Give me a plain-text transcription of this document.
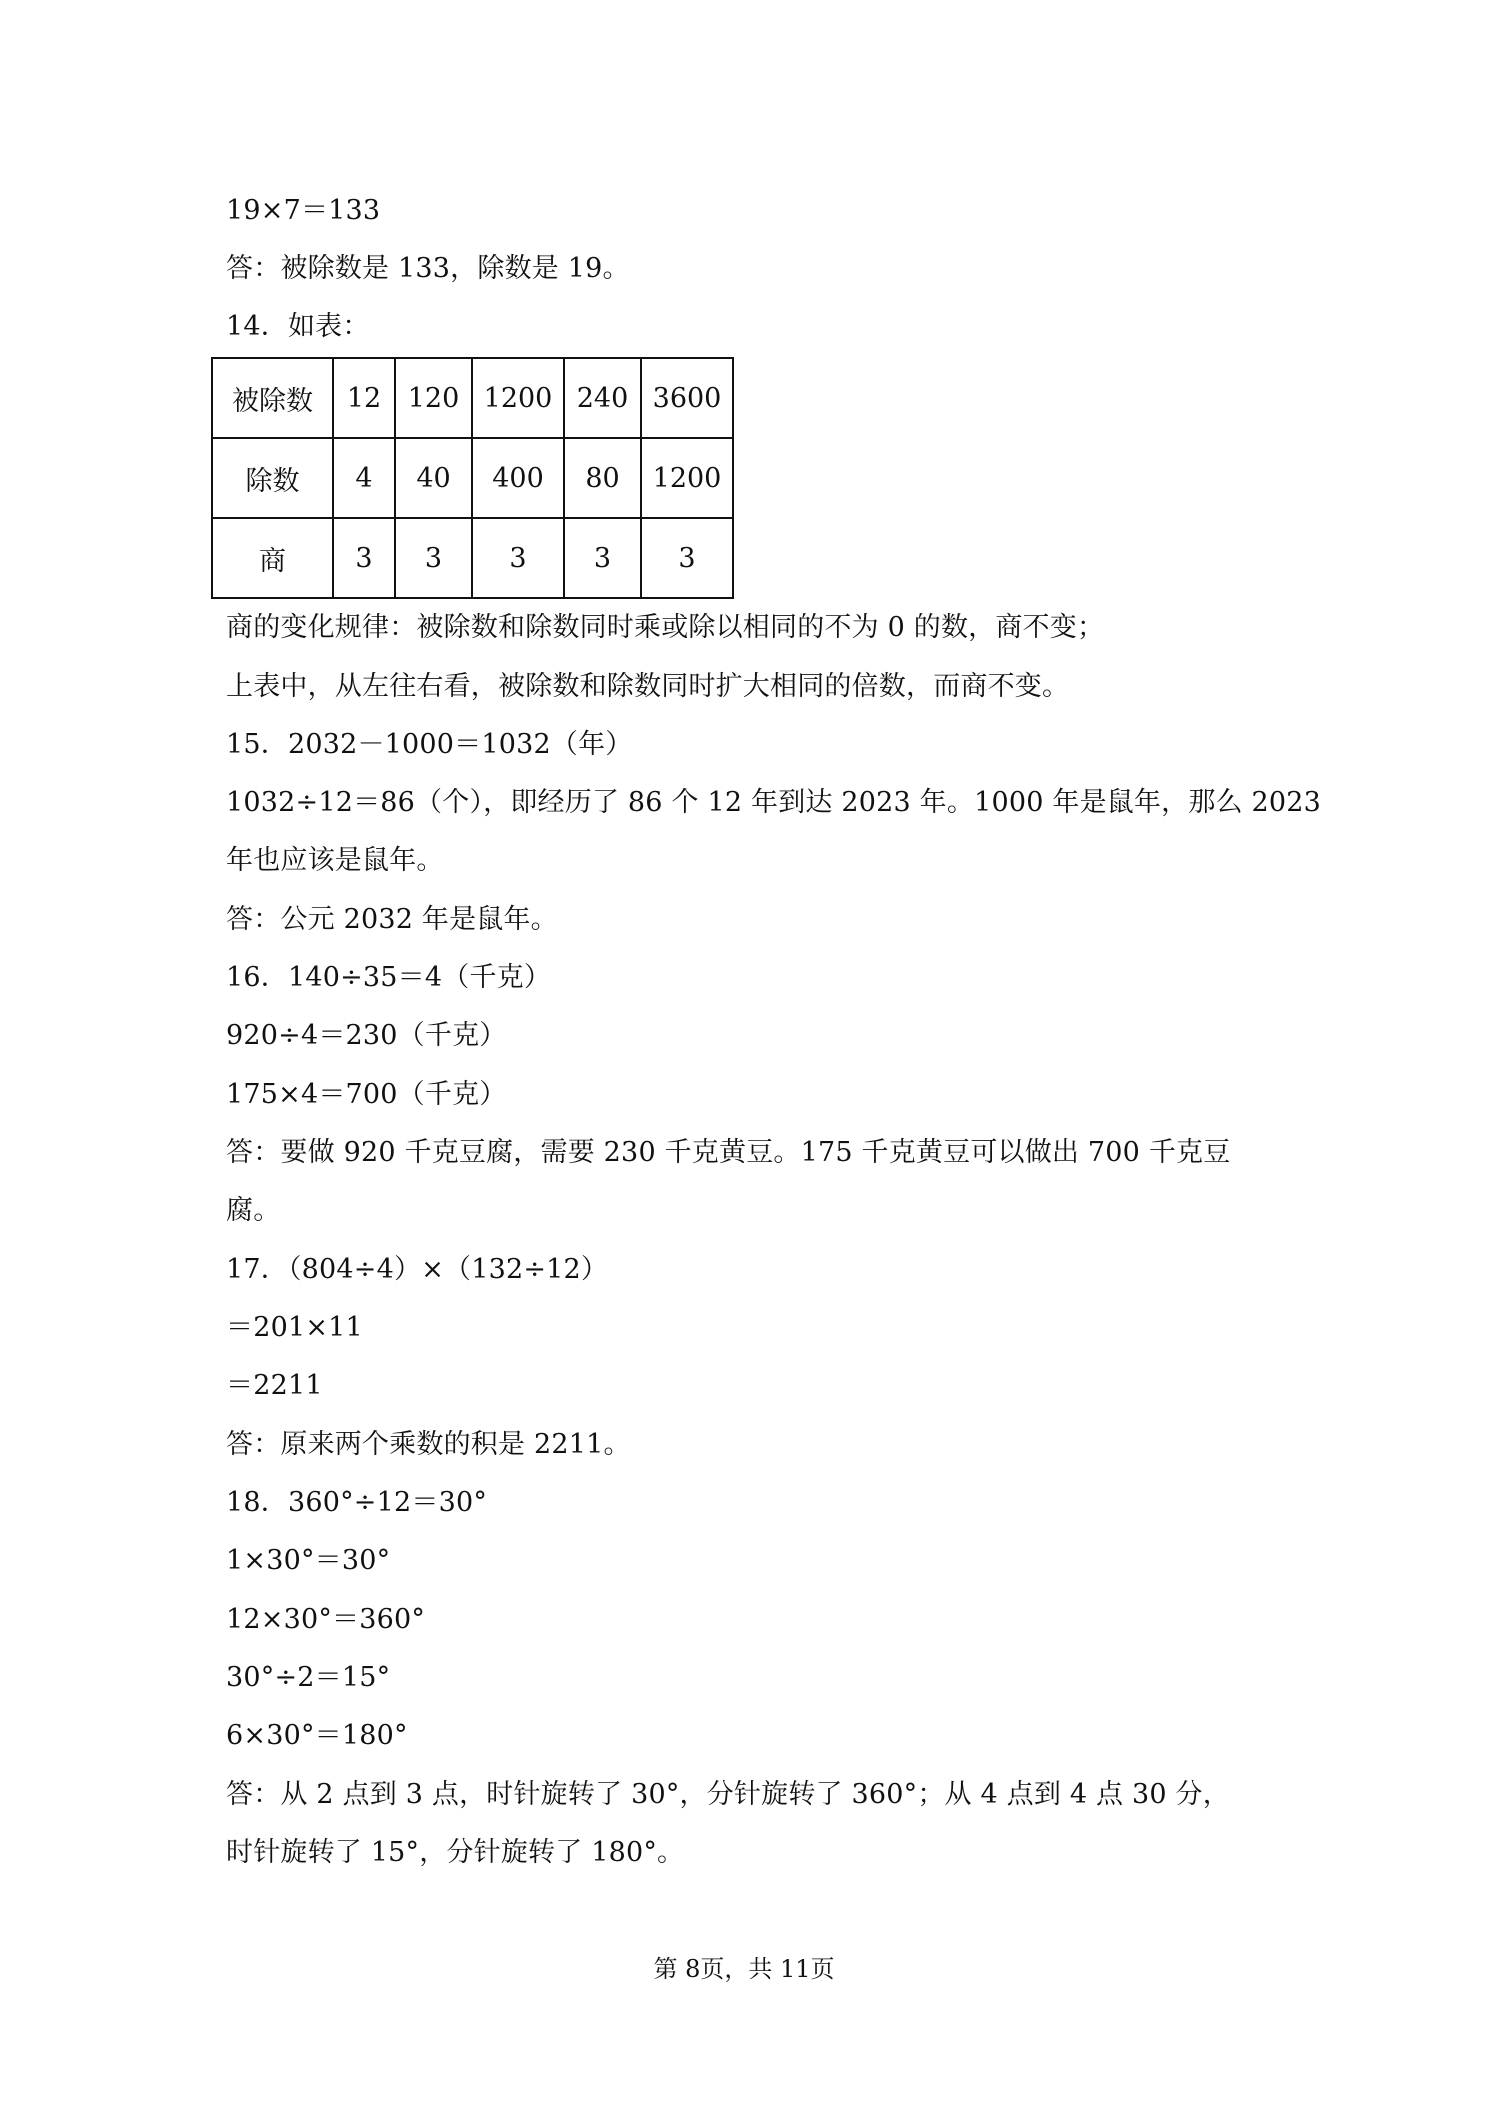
19×7＝133
答：被除数是 133，除数是 19。
14．如表：
被除数	12	120	1200	240	3600
除数	4	40	400	80	1200
商	3	3	3	3	3
商的变化规律：被除数和除数同时乘或除以相同的不为 0 的数，商不变；
上表中，从左往右看，被除数和除数同时扩大相同的倍数，而商不变。
15．2032－1000＝1032（年）
1032÷12＝86（个），即经历了 86 个 12 年到达 2023 年。1000 年是鼠年，那么 2023
年也应该是鼠年。
答：公元 2032 年是鼠年。
16．140÷35＝4（千克）
920÷4＝230（千克）
175×4＝700（千克）
答：要做 920 千克豆腐，需要 230 千克黄豆。175 千克黄豆可以做出 700 千克豆
腐。
17．（804÷4）×（132÷12）
＝201×11
＝2211
答：原来两个乘数的积是 2211。
18．360°÷12＝30°
1×30°＝30°
12×30°＝360°
30°÷2＝15°
6×30°＝180°
答：从 2 点到 3 点，时针旋转了 30°，分针旋转了 360°；从 4 点到 4 点 30 分，
时针旋转了 15°，分针旋转了 180°。
第 8页，共 11页
